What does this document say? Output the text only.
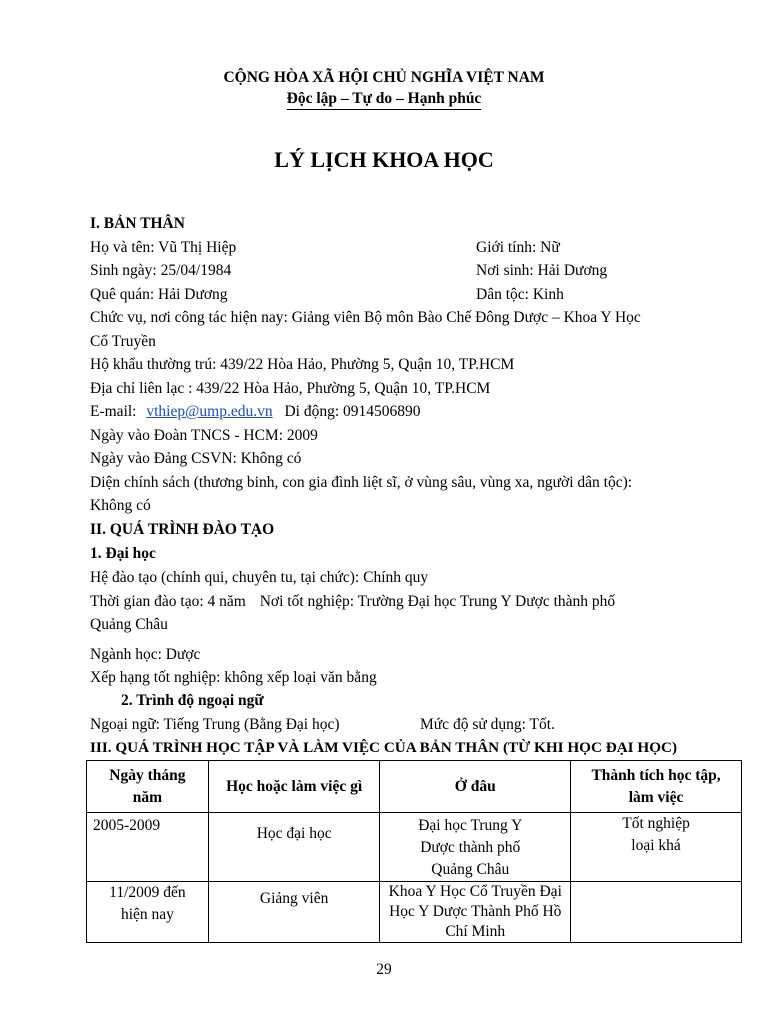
CỘNG HÒA XÃ HỘI CHỦ NGHĨA VIỆT NAM
Độc lập – Tự do – Hạnh phúc
LÝ LỊCH KHOA HỌC
I. BẢN THÂN
Họ và tên: Vũ Thị Hiệp	Giới tính: Nữ
Sinh ngày: 25/04/1984	Nơi sinh: Hải Dương
Quê quán: Hải Dương	Dân tộc: Kinh
Chức vụ, nơi công tác hiện nay: Giảng viên Bộ môn Bào Chế Đông Dược – Khoa Y Học
Cổ Truyền
Hộ khẩu thường trú: 439/22 Hòa Hảo, Phường 5, Quận 10, TP.HCM
Địa chỉ liên lạc : 439/22 Hòa Hảo, Phường 5, Quận 10, TP.HCM
E-mail: vthiep@ump.edu.vn Di động: 0914506890
Ngày vào Đoàn TNCS - HCM: 2009
Ngày vào Đảng CSVN: Không có
Diện chính sách (thương binh, con gia đình liệt sĩ, ở vùng sâu, vùng xa, người dân tộc):
Không có
II. QUÁ TRÌNH ĐÀO TẠO
1. Đại học
Hệ đào tạo (chính qui, chuyên tu, tại chức): Chính quy
Thời gian đào tạo: 4 năm Nơi tốt nghiệp: Trường Đại học Trung Y Dược thành phố
Quảng Châu
Ngành học: Dược
Xếp hạng tốt nghiệp: không xếp loại văn bằng
2. Trình độ ngoại ngữ
Ngoại ngữ: Tiếng Trung (Bằng Đại học)	Mức độ sử dụng: Tốt.
III. QUÁ TRÌNH HỌC TẬP VÀ LÀM VIỆC CỦA BẢN THÂN (TỪ KHI HỌC ĐẠI HỌC)
Ngày tháng năm	Học hoặc làm việc gì	Ở đâu	Thành tích học tập, làm việc
2005-2009	Học đại học	Đại học Trung Y Dược thành phố Quảng Châu	Tốt nghiệp loại khá
11/2009 đến hiện nay	Giảng viên	Khoa Y Học Cổ Truyền Đại Học Y Dược Thành Phố Hồ Chí Minh	
29
